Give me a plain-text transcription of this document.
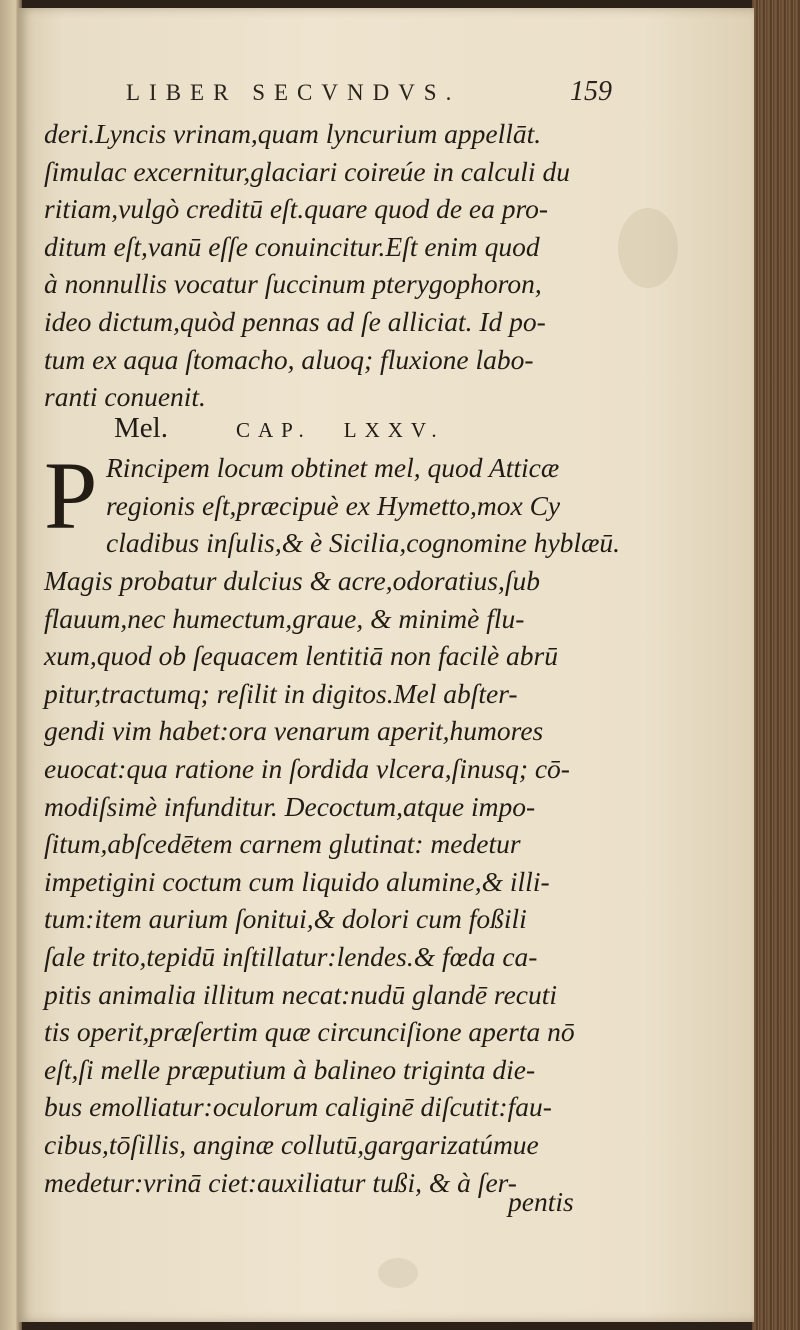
LIBER SECVNDVS.	159
deri.Lyncis vrinam,quam lyncurium appellāt.
ſimulac excernitur,glaciari coireúe in calculi du
ritiam,vulgò creditū eſt.quare quod de ea pro-
ditum eſt,vanū eſſe conuincitur.Eſt enim quod
à nonnullis vocatur ſuccinum pterygophoron,
ideo dictum,quòd pennas ad ſe alliciat. Id po-
tum ex aqua ſtomacho, aluoq; fluxione labo-
ranti conuenit.
Mel.	CAP. LXXV.
P Rincipem locum obtinet mel, quod Atticæ
regionis eſt,præcipuè ex Hymetto,mox Cy
cladibus inſulis,& è Sicilia,cognomine hyblæū.
Magis probatur dulcius & acre,odoratius,ſub
flauum,nec humectum,graue, & minimè flu-
xum,quod ob ſequacem lentitiā non facilè abrū
pitur,tractumq; reſilit in digitos.Mel abſter-
gendi vim habet:ora venarum aperit,humores
euocat:qua ratione in ſordida vlcera,ſinusq; cō-
modiſsimè infunditur. Decoctum,atque impo-
ſitum,abſcedētem carnem glutinat: medetur
impetigini coctum cum liquido alumine,& illi-
tum:item aurium ſonitui,& dolori cum foßili
ſale trito,tepidū inſtillatur:lendes.& fœda ca-
pitis animalia illitum necat:nudū glandē recuti
tis operit,præſertim quæ circunciſione aperta nō
eſt,ſi melle præputium à balineo triginta die-
bus emolliatur:oculorum caliginē diſcutit:fau-
cibus,tōſillis, anginæ collutū,gargarizatúmue
medetur:vrinā ciet:auxiliatur tußi, & à ſer-
pentis
